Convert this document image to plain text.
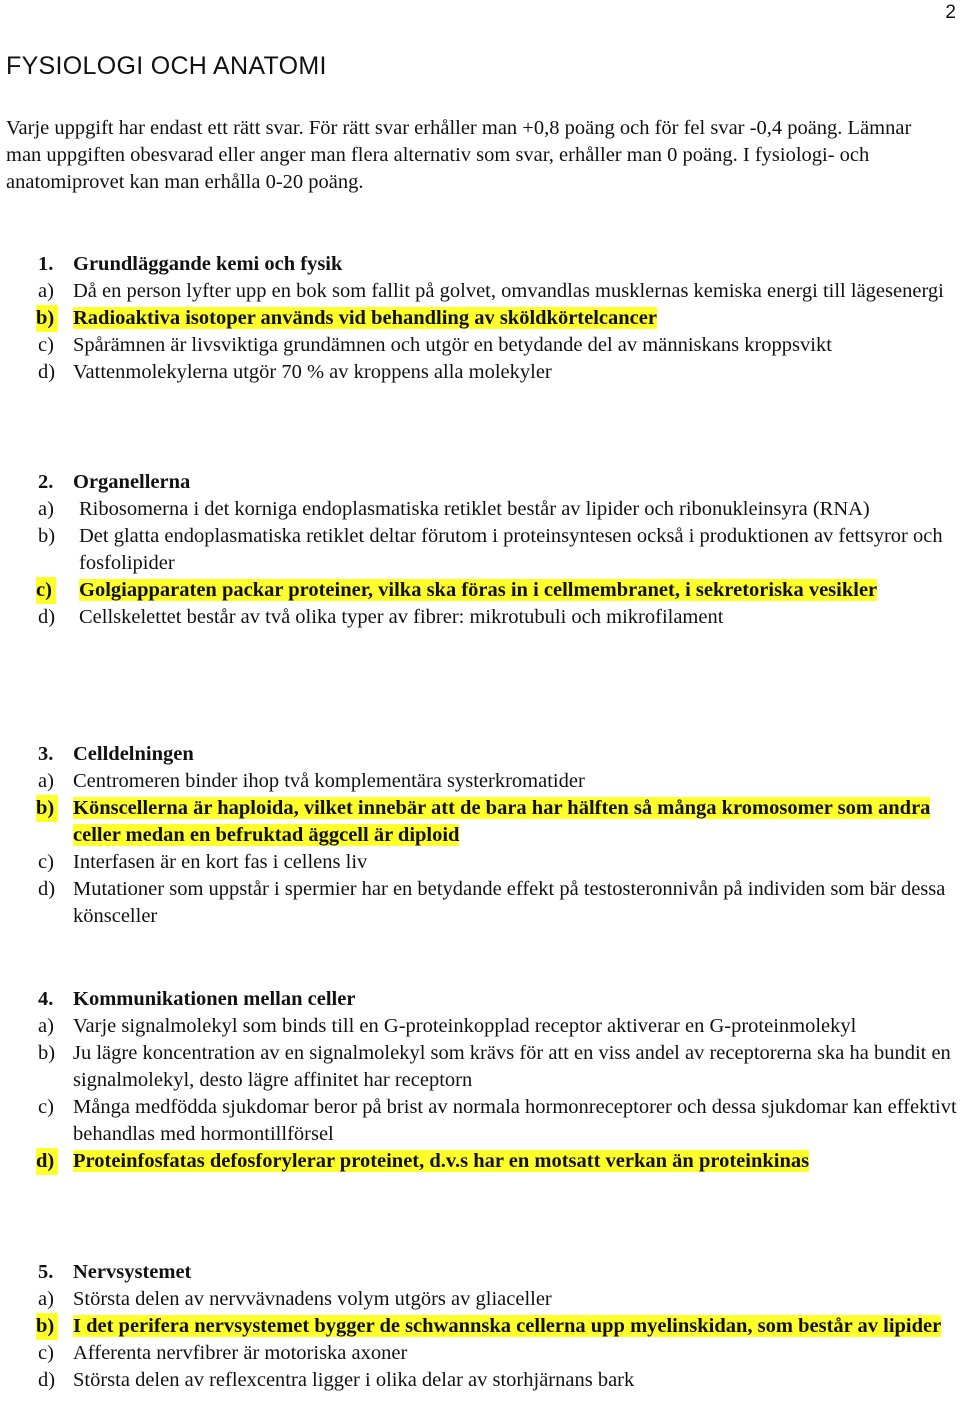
2
FYSIOLOGI OCH ANATOMI

Varje uppgift har endast ett rätt svar. För rätt svar erhåller man +0,8 poäng och för fel svar -0,4 poäng. Lämnar man uppgiften obesvarad eller anger man flera alternativ som svar, erhåller man 0 poäng. I fysiologi- och anatomiprovet kan man erhålla 0-20 poäng.

1. Grundläggande kemi och fysik
a) Då en person lyfter upp en bok som fallit på golvet, omvandlas musklernas kemiska energi till lägesenergi
b) Radioaktiva isotoper används vid behandling av sköldkörtelcancer
c) Spårämnen är livsviktiga grundämnen och utgör en betydande del av människans kroppsvikt
d) Vattenmolekylerna utgör 70 % av kroppens alla molekyler
2. Organellerna
a) Ribosomerna i det korniga endoplasmatiska retiklet består av lipider och ribonukleinsyra (RNA)
b) Det glatta endoplasmatiska retiklet deltar förutom i proteinsyntesen också i produktionen av fettsyror och fosfolipider
c) Golgiapparaten packar proteiner, vilka ska föras in i cellmembranet, i sekretoriska vesikler
d) Cellskelettet består av två olika typer av fibrer: mikrotubuli och mikrofilament
3. Celldelningen
a) Centromeren binder ihop två komplementära systerkromatider
b) Könscellerna är haploida, vilket innebär att de bara har hälften så många kromosomer som andra celler medan en befruktad äggcell är diploid
c) Interfasen är en kort fas i cellens liv
d) Mutationer som uppstår i spermier har en betydande effekt på testosteronnivån på individen som bär dessa könsceller
4. Kommunikationen mellan celler
a) Varje signalmolekyl som binds till en G-proteinkopplad receptor aktiverar en G-proteinmolekyl
b) Ju lägre koncentration av en signalmolekyl som krävs för att en viss andel av receptorerna ska ha bundit en signalmolekyl, desto lägre affinitet har receptorn
c) Många medfödda sjukdomar beror på brist av normala hormonreceptorer och dessa sjukdomar kan effektivt behandlas med hormontillförsel
d) Proteinfosfatas defosforylerar proteinet, d.v.s har en motsatt verkan än proteinkinas
5. Nervsystemet
a) Största delen av nervvävnadens volym utgörs av gliaceller
b) I det perifera nervsystemet bygger de schwannska cellerna upp myelinskidan, som består av lipider
c) Afferenta nervfibrer är motoriska axoner
d) Största delen av reflexcentra ligger i olika delar av storhjärnans bark
